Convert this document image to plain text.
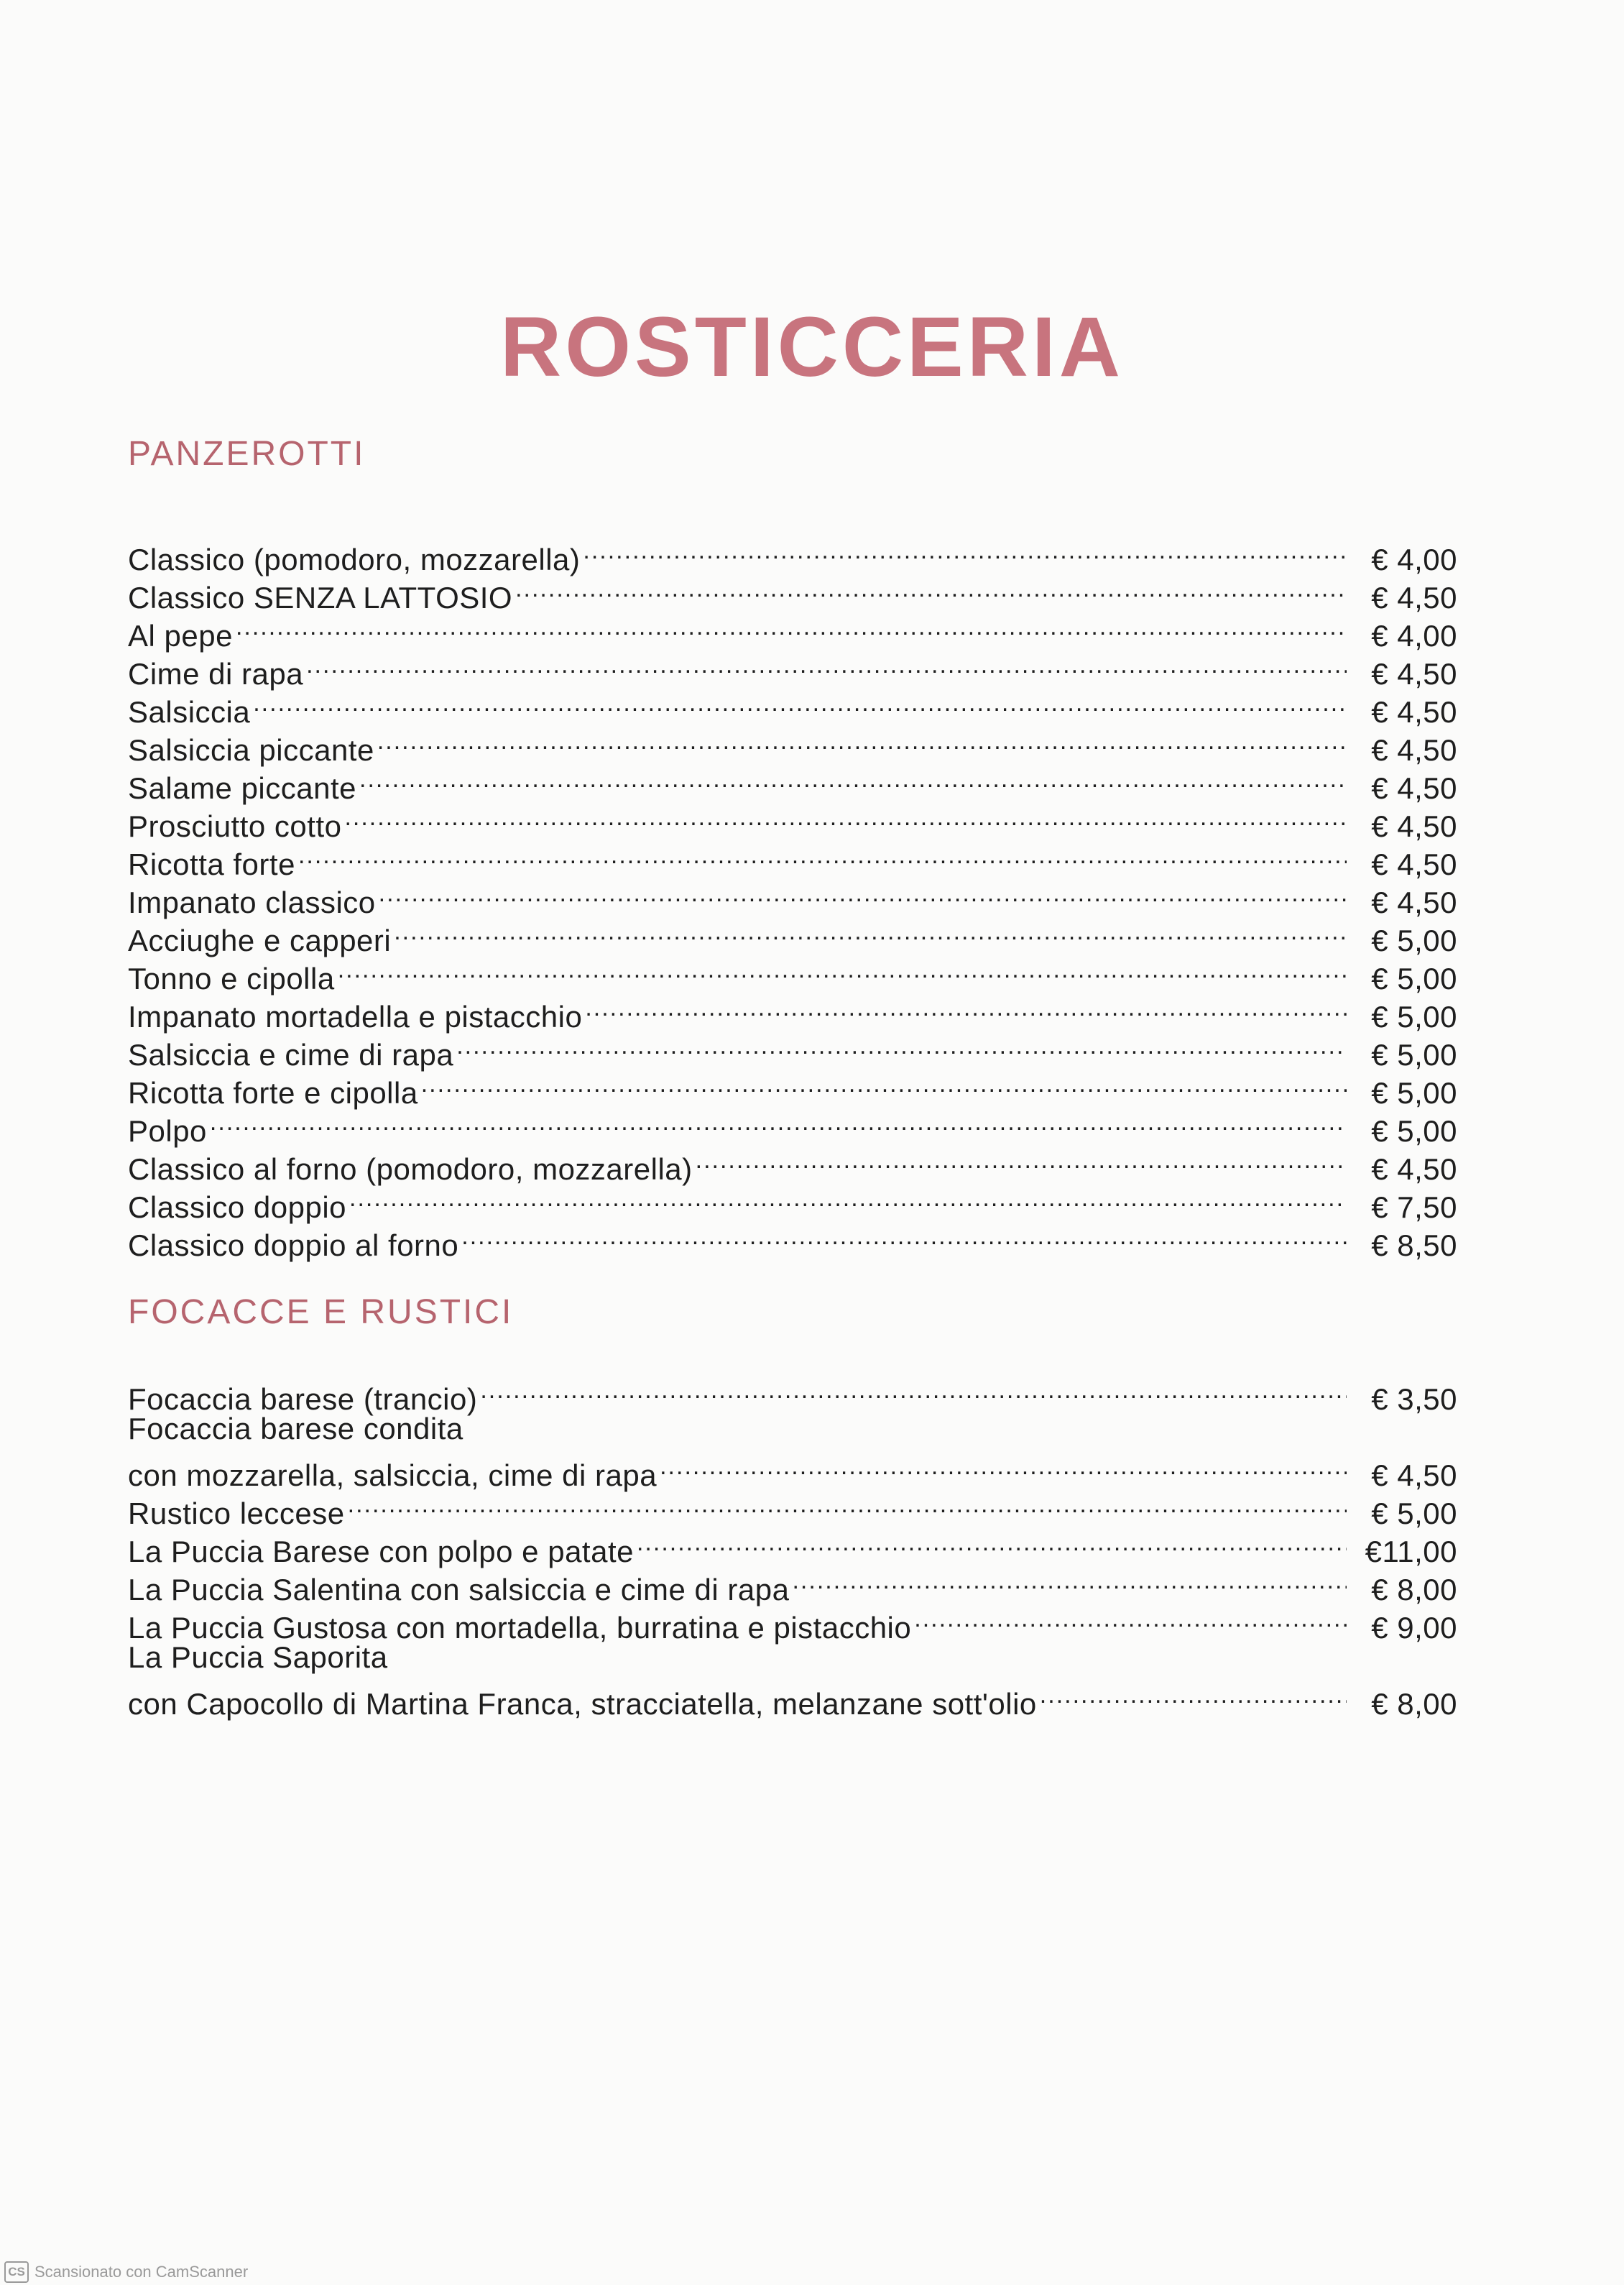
ROSTICCERIA
PANZEROTTI
Classico (pomodoro, mozzarella) .....	€ 4,00
Classico SENZA LATTOSIO .....	€ 4,50
Al pepe .....	€ 4,00
Cime di rapa .....	€ 4,50
Salsiccia .....	€ 4,50
Salsiccia piccante .....	€ 4,50
Salame piccante .....	€ 4,50
Prosciutto cotto .....	€ 4,50
Ricotta forte .....	€ 4,50
Impanato classico .....	€ 4,50
Acciughe e capperi .....	€ 5,00
Tonno e cipolla .....	€ 5,00
Impanato mortadella e pistacchio .....	€ 5,00
Salsiccia e cime di rapa .....	€ 5,00
Ricotta forte e cipolla .....	€ 5,00
Polpo .....	€ 5,00
Classico al forno (pomodoro, mozzarella) .....	€ 4,50
Classico doppio .....	€ 7,50
Classico doppio al forno .....	€ 8,50
FOCACCE E RUSTICI
Focaccia barese (trancio) .....	€ 3,50
Focaccia barese condita
con mozzarella, salsiccia, cime di rapa .....	€ 4,50
Rustico leccese .....	€ 5,00
La Puccia Barese con polpo e patate .....	€11,00
La Puccia Salentina con salsiccia e cime di rapa .....	€ 8,00
La Puccia Gustosa con mortadella, burratina e pistacchio .....	€ 9,00
La Puccia Saporita
con Capocollo di Martina Franca, stracciatella, melanzane sott'olio .....	€ 8,00
CS Scansionato con CamScanner
